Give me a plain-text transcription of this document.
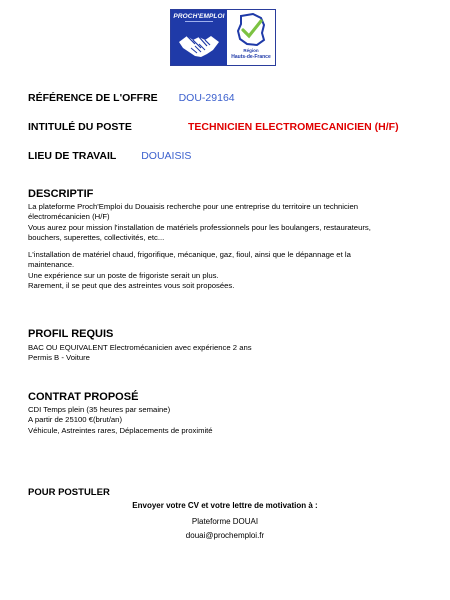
PROCH'EMPLOI
Région
Hauts-de-France
RÉFÉRENCE DE L'OFFRE DOU-29164
INTITULÉ DU POSTE	TECHNICIEN ELECTROMECANICIEN (H/F)
LIEU DE TRAVAIL DOUAISIS
DESCRIPTIF

La plateforme Proch'Emploi du Douaisis recherche pour une entreprise du territoire un technicien

électromécanicien (H/F)

Vous aurez pour mission l'installation de matériels professionnels pour les boulangers, restaurateurs,

bouchers, superettes, collectivités, etc...

L'installation de matériel chaud, frigorifique, mécanique, gaz, fioul, ainsi que le dépannage et la

maintenance.

Une expérience sur un poste de frigoriste serait un plus.

Rarement, il se peut que des astreintes vous soit proposées.

PROFIL REQUIS

BAC OU EQUIVALENT Electromécanicien avec expérience 2 ans

Permis B - Voiture

CONTRAT PROPOSÉ

CDI Temps plein (35 heures par semaine)

A partir de 25100 €(brut/an)

Véhicule, Astreintes rares, Déplacements de proximité

POUR POSTULER
Envoyer votre CV et votre lettre de motivation à :
Plateforme DOUAI
douai@prochemploi.fr
